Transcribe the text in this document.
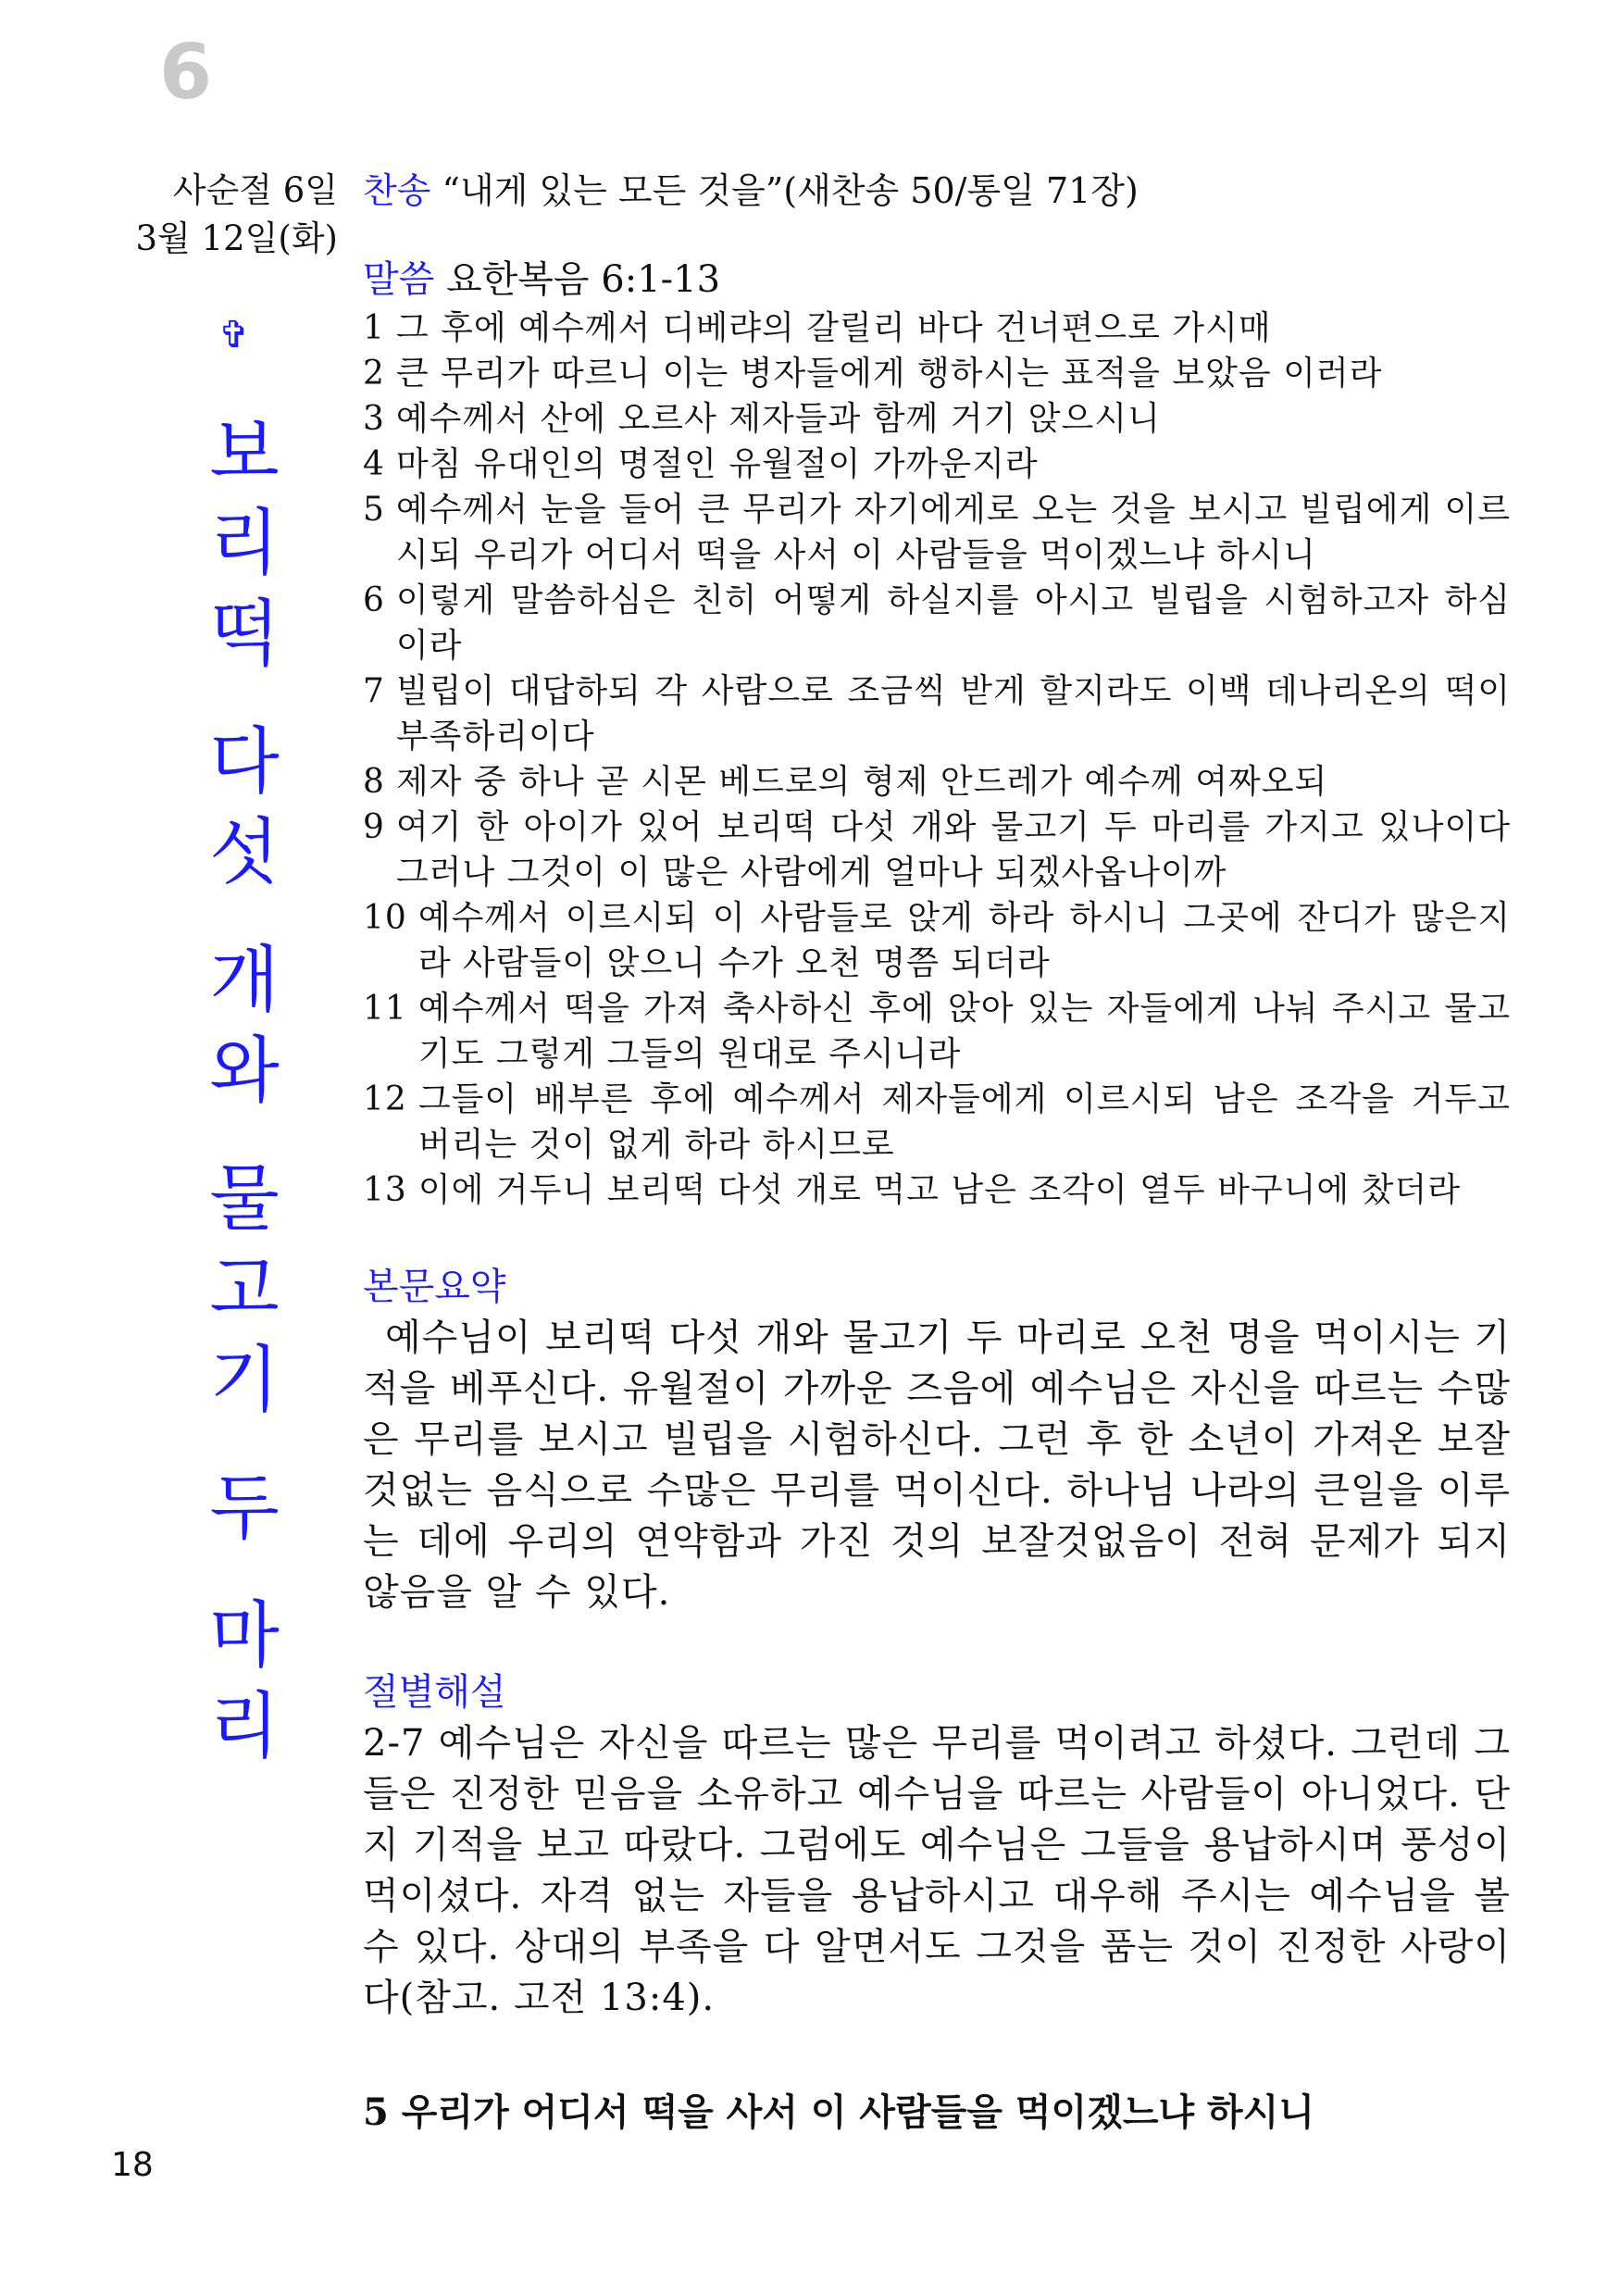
6
사순절 6일
3월 12일(화)
✞
보
리
떡
다
섯
개
와
물
고
기
두
마
리
찬송 “내게 있는 모든 것을”(새찬송 50/통일 71장)
말씀 요한복음 6:1-13
1 그 후에 예수께서 디베랴의 갈릴리 바다 건너편으로 가시매
2 큰 무리가 따르니 이는 병자들에게 행하시는 표적을 보았음 이러라
3 예수께서 산에 오르사 제자들과 함께 거기 앉으시니
4 마침 유대인의 명절인 유월절이 가까운지라
5 예수께서 눈을 들어 큰 무리가 자기에게로 오는 것을 보시고 빌립에게 이르시되 우리가 어디서 떡을 사서 이 사람들을 먹이겠느냐 하시니
6 이렇게 말씀하심은 친히 어떻게 하실지를 아시고 빌립을 시험하고자 하심이라
7 빌립이 대답하되 각 사람으로 조금씩 받게 할지라도 이백 데나리온의 떡이 부족하리이다
8 제자 중 하나 곧 시몬 베드로의 형제 안드레가 예수께 여짜오되
9 여기 한 아이가 있어 보리떡 다섯 개와 물고기 두 마리를 가지고 있나이다 그러나 그것이 이 많은 사람에게 얼마나 되겠사옵나이까
10 예수께서 이르시되 이 사람들로 앉게 하라 하시니 그곳에 잔디가 많은지라 사람들이 앉으니 수가 오천 명쯤 되더라
11 예수께서 떡을 가져 축사하신 후에 앉아 있는 자들에게 나눠 주시고 물고기도 그렇게 그들의 원대로 주시니라
12 그들이 배부른 후에 예수께서 제자들에게 이르시되 남은 조각을 거두고 버리는 것이 없게 하라 하시므로
13 이에 거두니 보리떡 다섯 개로 먹고 남은 조각이 열두 바구니에 찼더라
본문요약
예수님이 보리떡 다섯 개와 물고기 두 마리로 오천 명을 먹이시는 기적을 베푸신다. 유월절이 가까운 즈음에 예수님은 자신을 따르는 수많은 무리를 보시고 빌립을 시험하신다. 그런 후 한 소년이 가져온 보잘것없는 음식으로 수많은 무리를 먹이신다. 하나님 나라의 큰일을 이루는 데에 우리의 연약함과 가진 것의 보잘것없음이 전혀 문제가 되지 않음을 알 수 있다.
절별해설
2-7 예수님은 자신을 따르는 많은 무리를 먹이려고 하셨다. 그런데 그들은 진정한 믿음을 소유하고 예수님을 따르는 사람들이 아니었다. 단지 기적을 보고 따랐다. 그럼에도 예수님은 그들을 용납하시며 풍성이 먹이셨다. 자격 없는 자들을 용납하시고 대우해 주시는 예수님을 볼 수 있다. 상대의 부족을 다 알면서도 그것을 품는 것이 진정한 사랑이다(참고. 고전 13:4).
5 우리가 어디서 떡을 사서 이 사람들을 먹이겠느냐 하시니
18
